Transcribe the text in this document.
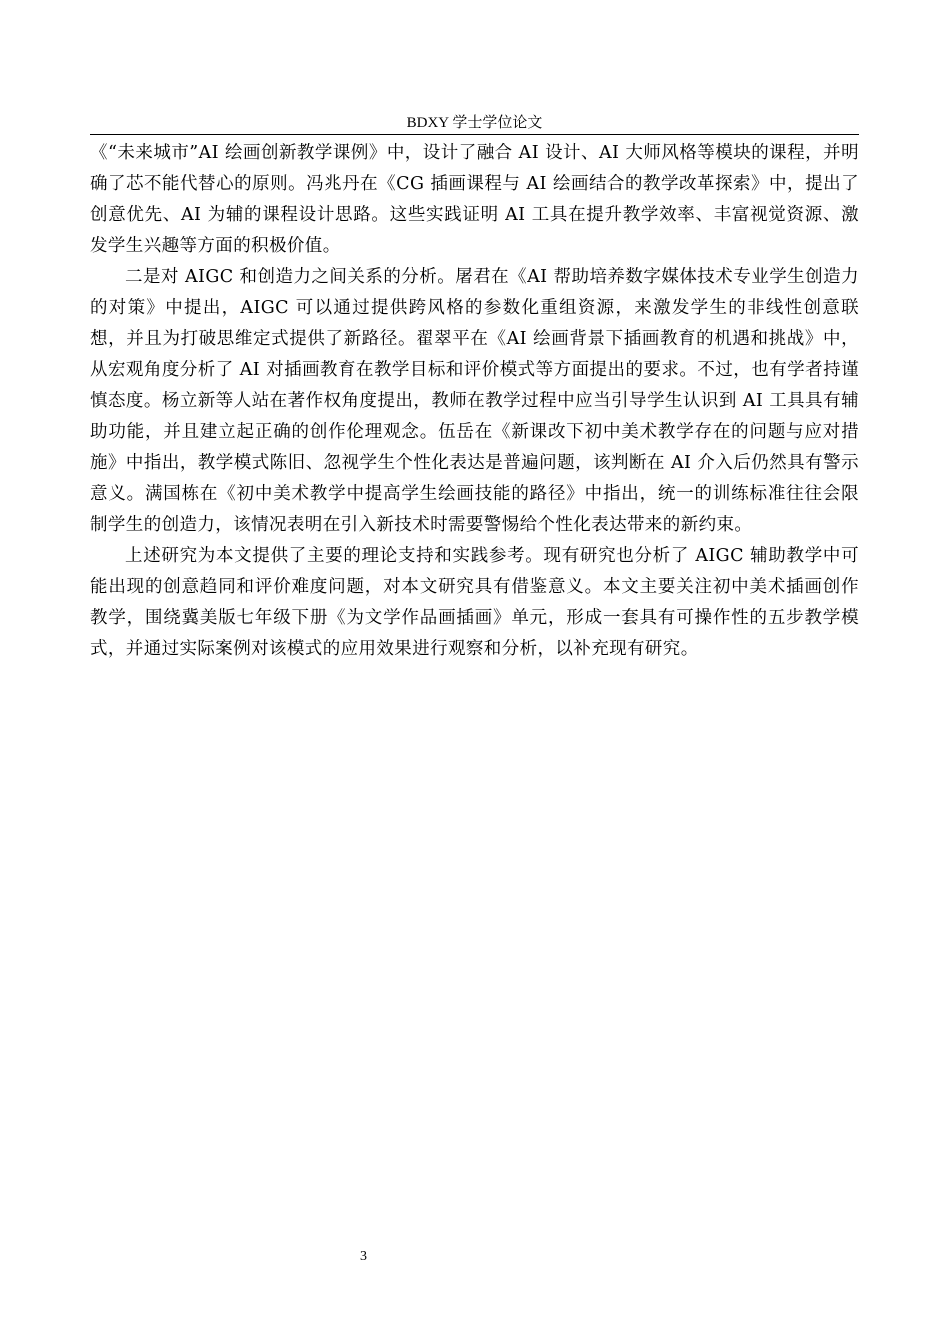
BDXY 学士学位论文

《“未来城市”AI 绘画创新教学课例》中，设计了融合 AI 设计、AI 大师风格等模块的课程，并明确了芯不能代替心的原则。冯兆丹在《CG 插画课程与 AI 绘画结合的教学改革探索》中，提出了创意优先、AI 为辅的课程设计思路。这些实践证明 AI 工具在提升教学效率、丰富视觉资源、激发学生兴趣等方面的积极价值。

二是对 AIGC 和创造力之间关系的分析。屠君在《AI 帮助培养数字媒体技术专业学生创造力的对策》中提出，AIGC 可以通过提供跨风格的参数化重组资源，来激发学生的非线性创意联想，并且为打破思维定式提供了新路径。翟翠平在《AI 绘画背景下插画教育的机遇和挑战》中，从宏观角度分析了 AI 对插画教育在教学目标和评价模式等方面提出的要求。不过，也有学者持谨慎态度。杨立新等人站在著作权角度提出，教师在教学过程中应当引导学生认识到 AI 工具具有辅助功能，并且建立起正确的创作伦理观念。伍岳在《新课改下初中美术教学存在的问题与应对措施》中指出，教学模式陈旧、忽视学生个性化表达是普遍问题，该判断在 AI 介入后仍然具有警示意义。满国栋在《初中美术教学中提高学生绘画技能的路径》中指出，统一的训练标准往往会限制学生的创造力，该情况表明在引入新技术时需要警惕给个性化表达带来的新约束。

上述研究为本文提供了主要的理论支持和实践参考。现有研究也分析了 AIGC 辅助教学中可能出现的创意趋同和评价难度问题，对本文研究具有借鉴意义。本文主要关注初中美术插画创作教学，围绕冀美版七年级下册《为文学作品画插画》单元，形成一套具有可操作性的五步教学模式，并通过实际案例对该模式的应用效果进行观察和分析，以补充现有研究。

3
